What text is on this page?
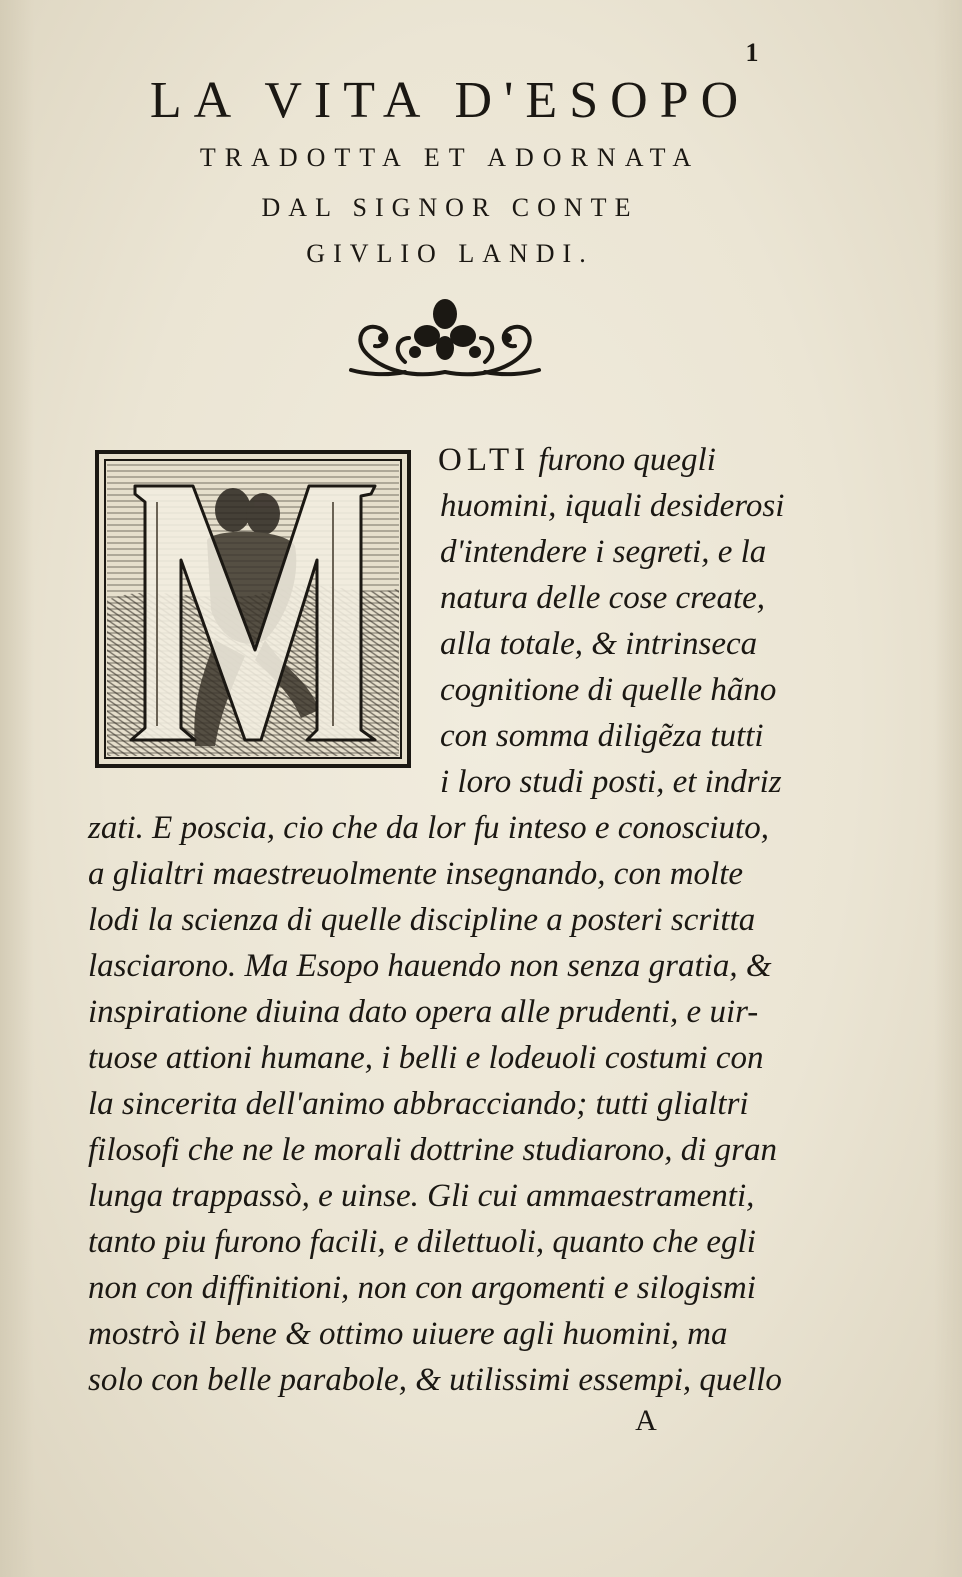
1
LA VITA D'ESOPO
TRADOTTA ET ADORNATA
DAL SIGNOR CONTE
GIVLIO LANDI.
OLTI furono quegli
huomini, iquali desiderosi
d'intendere i segreti, e la
natura delle cose create,
alla totale, & intrinseca
cognitione di quelle hãno
con somma diligẽza tutti
i loro studi posti, et indriz
zati. E poscia, cio che da lor fu inteso e conosciuto,
a glialtri maestreuolmente insegnando, con molte
lodi la scienza di quelle discipline a posteri scritta
lasciarono. Ma Esopo hauendo non senza gratia, &
inspiratione diuina dato opera alle prudenti, e uir-
tuose attioni humane, i belli e lodeuoli costumi con
la sincerita dell'animo abbracciando; tutti glialtri
filosofi che ne le morali dottrine studiarono, di gran
lunga trappassò, e uinse. Gli cui ammaestramenti,
tanto piu furono facili, e dilettuoli, quanto che egli
non con diffinitioni, non con argomenti e silogismi
mostrò il bene & ottimo uiuere agli huomini, ma
solo con belle parabole, & utilissimi essempi, quello
A
